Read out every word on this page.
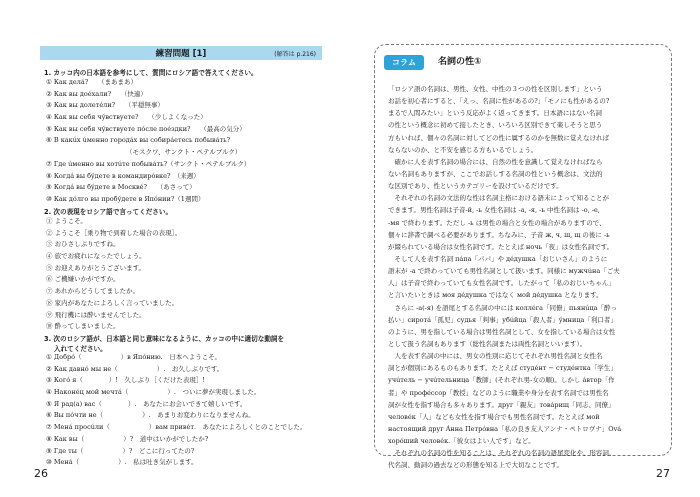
練習問題 [1]	(解答は p.216)
1. カッコ内の日本語を参考にして、質問にロシア語で答えてください。
① Как делá?　　（まあまあ）
② Как вы доéхали?　　（快適）
③ Как вы долетéли?　　（平穏無事）
④ Как вы себя чýвствуете?　　（少しよくなった）
⑤ Как вы себя чýвствуете пóсле поéздки?　　（最高の気分）
⑥ В какúх úменно горoдáх вы собирáетесь побывáть?
（モスクワ、サンクト・ペテルブルク）
⑦ Где úменно вы хотúте побывáть?（サンクト・ペテルブルク）
⑧ Когдá вы бýдете в командирóвке?　（来週）
⑨ Когдá вы бýдете в Москвé?　　（あさって）
⑩ Как дóлго вы пробýдете в Япóнии?（1週間）
2. 次の表現をロシア語で言ってください。
① ようこそ。
② ようこそ［乗り物で到着した場合の表現］。
③ おひさしぶりですね。
④ 旅でお疲れになったでしょう。
⑤ お迎えありがとうございます。
⑥ ご機嫌いかがですか。
⑦ あれからどうしてましたか。
⑧ 家内があなたによろしく言っていました。
⑨ 飛行機には酔いませんでした。
⑩ 酔ってしまいました。
3. 次のロシア語が、日本語と同じ意味になるように、カッコの中に適切な動詞を
入れてください。
① Добрó（　　　　　　）в Япóнию.　日本へようこそ。
② Как давнó мы не（　　　　　　）.　お久しぶりです。
③ Когó я（　　　　）!　久しぶり［くだけた表現］!
④ Наконéц мой мечтá（　　　　　　）.　ついに夢が実現しました。
⑤ Я рад(а) вас（　　　　）.　あなたにお会いできて嬉しいです。
⑥ Вы пóчти не（　　　　　　）.　あまりお変わりになりませんね。
⑦ Менá просúли（　　　　　　）вам привéт.　あなたによろしくとのことでした。
⑧ Как вы（　　　　　　）?　道中はいかがでしたか?
⑨ Где ты（　　　　　　）?　どこに行ってたの?
⑩ Менá（　　　　　　）.　私は吐き気がします。
26
コラム	名詞の性①
「ロシア語の名詞は、男性、女性、中性の３つの性を区別します」という
お話を初心者にすると、「えっ、名詞に性があるの?」「モノにも性があるの?
まるで人間みたい」という反応がよく返ってきます。日本語にはない名詞
の性という概念に初めて接したとき、いろいろ区別できて楽しそうと思う
方もいれば、個々の名詞に対してどの性に属するのかを無数に覚えなければ
ならないのか、と不安を感じる方もいるでしょう。
　確かに人を表す名詞の場合には、自然の性を意識して覚えなければなら
ない名詞もありますが、ここでお話しする名詞の性という概念は、文法的
な区別であり、性というカテゴリーを設けているだけです。
　それぞれの名詞の文法的な性は名詞主格における語末によって知ることが
できます。男性名詞は子音-й, -ь 女性名詞は -а, -я, -ь 中性名詞は -о, -е,
-мя で終わります。ただし -ь は男性の場合と女性の場合がありますので、
個々に辞書で調べる必要があります。ちなみに、子音 ж, ч, ш, щ の後に -ь
が綴られている場合は女性名詞です。たとえば ночь「夜」は女性名詞です。
　そして人を表す名詞 пáпа「パパ」や дéдушка「おじいさん」のように
語末が -а で終わっていても男性名詞として扱います。同様に мужчúна「ご夫
人」は子音で終わっていても女性名詞です。したがって「私のおじいちゃん」
と言いたいときは моя дéдушка ではなく мой дéдушка となります。
　さらに -а(-я) を語尾とする名詞の中には коллéга「同僚」пьянúца「酔っ
払い」сиротá「孤児」судья「判事」убúйца「殺人者」ýмница「利口者」
のように、男を指している場合は男性名詞として、女を指している場合は女性
として扱う名詞もあります（総性名詞または両性名詞といいます）。
　人を表す名詞の中には、男女の性別に応じてそれぞれ男性名詞と女性名
詞とが個別にあるものもあります。たとえば студéнт − студéнтка「学生」
учúтель − учúтельница「教師」(それぞれ男-女の順)。しかし áвтор「作
者」や профéссор「教授」などのように職業や身分を表す名詞では男性名
詞が女性を指す場合も多々あります。друг「親友」товáрищ「同志、同僚」
человéк「人」なども女性を指す場合でも男性名詞です。たとえば мой
настоящий друг Áнна Петрóвна「私の良き友人アンナ・ペトロヴナ」Ová
хорóший человéк.「彼女はよい人です」など。
　それぞれの名詞の性を知ることは、それぞれの名詞の語尾変化や、形容詞、
代名詞、動詞の過去などの形態を知る上で大切なことです。
27
